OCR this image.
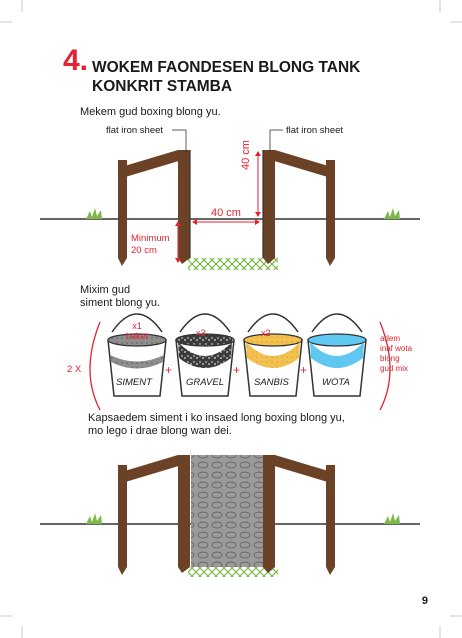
4. WOKEM FAONDESEN BLONG TANK
KONKRIT STAMBA
Mekem gud boxing blong yu.
flat iron sheet	flat iron sheet
40 cm
40 cm
Minimum
20 cm
Mixim gud
siment blong yu.
2 X
x1
baket	x3	x2
SIMENT	GRAVEL	SANBIS	WOTA
+	+	+
adem
inaf wota
blong
gud mix
Kapsaedem siment i ko insaed long boxing blong yu,
mo lego i drae blong wan dei.
9
